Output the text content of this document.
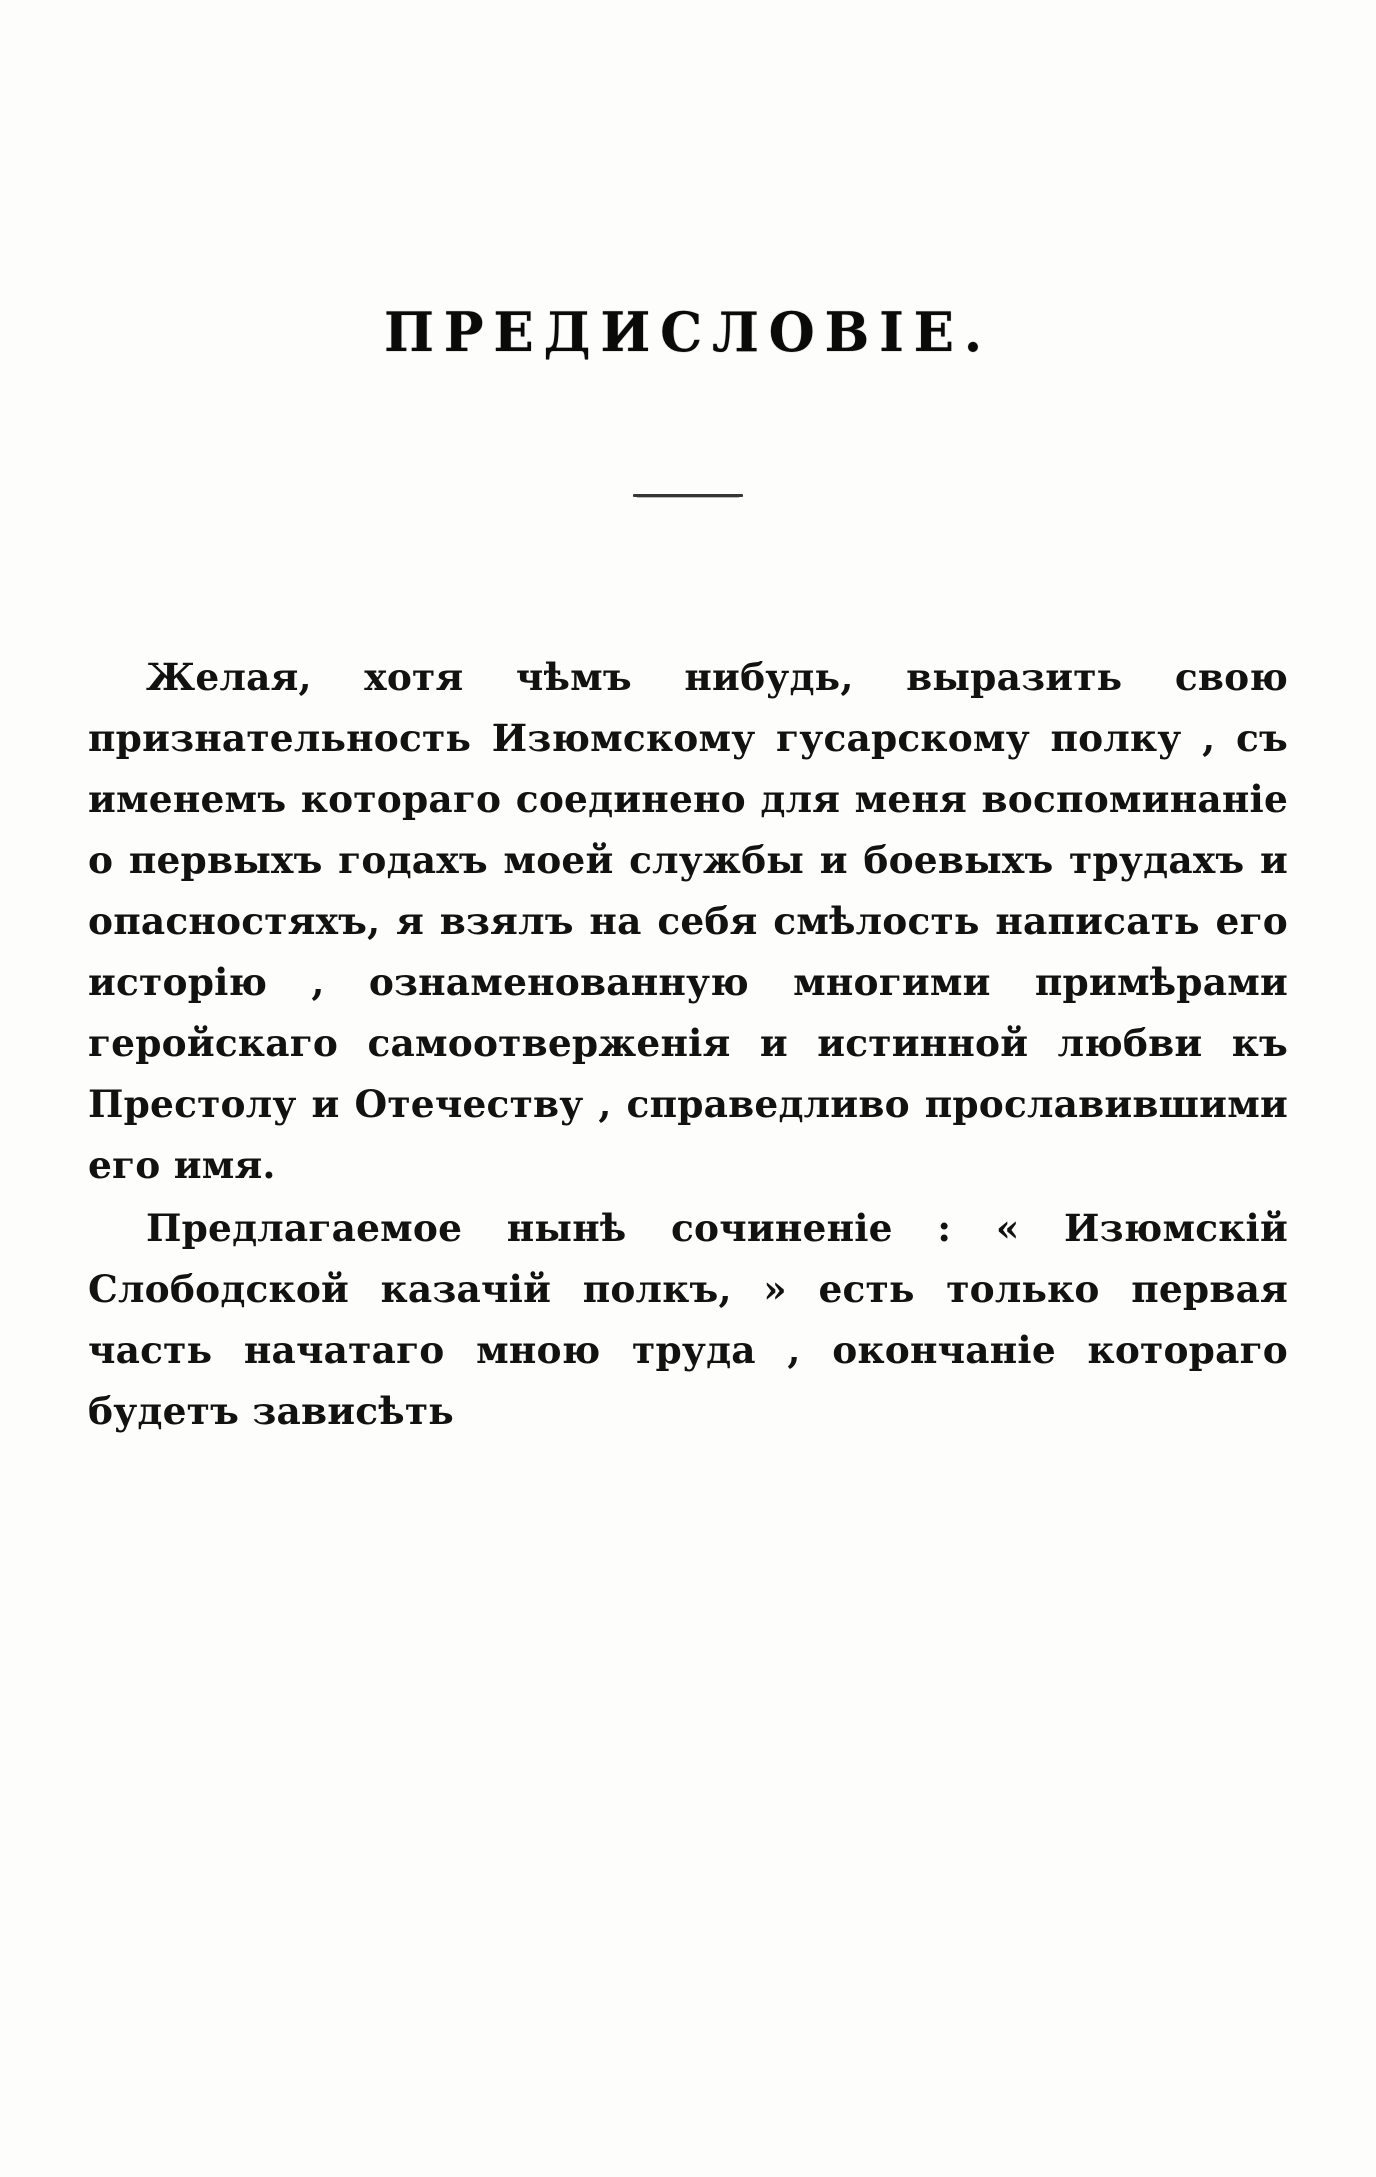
ПРЕДИСЛОВІЕ.

Желая, хотя чѣмъ нибудь, выразить свою признательность Изюмскому гусарскому полку , съ именемъ котораго соединено для меня воспоминаніе о первыхъ годахъ моей службы и боевыхъ трудахъ и опасностяхъ, я взялъ на себя смѣлость написать его исторію , ознаменованную многими примѣрами геройскаго самоотверженія и истинной любви къ Престолу и Отечеству , справедливо прославившими его имя.

Предлагаемое нынѣ сочиненіе : « Изюмскій Слободской казачій полкъ, » есть только первая часть начатаго мною труда , окончаніе котораго будетъ зависѣть
